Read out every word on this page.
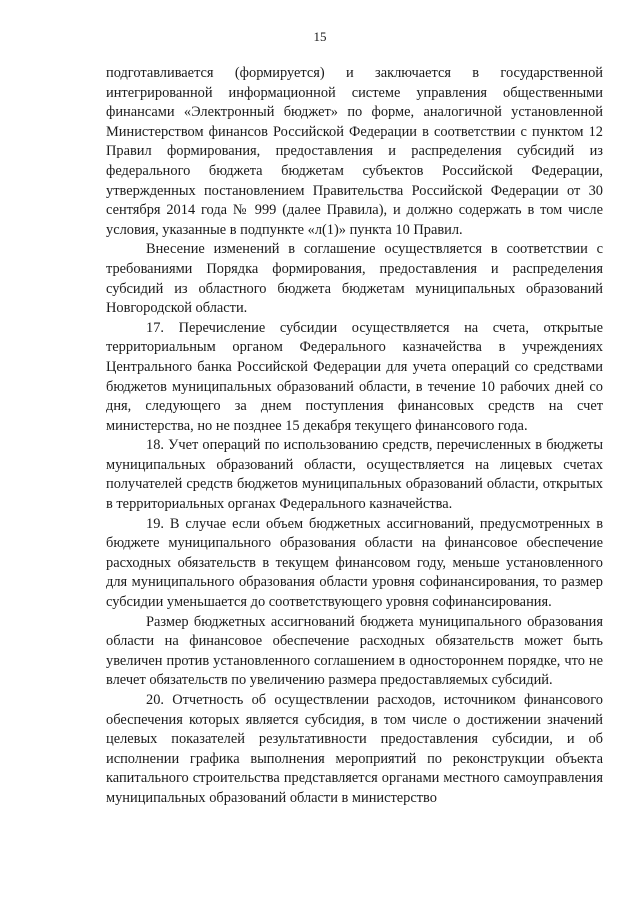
15

подготавливается (формируется) и заключается в государственной интегрированной информационной системе управления общественными финансами «Электронный бюджет» по форме, аналогичной установленной Министерством финансов Российской Федерации в соответствии с пунктом 12 Правил формирования, предоставления и распределения субсидий из федерального бюджета бюджетам субъектов Российской Федерации, утвержденных постановлением Правительства Российской Федерации от 30 сентября 2014 года № 999 (далее Правила), и должно содержать в том числе условия, указанные в подпункте «л(1)» пункта 10 Правил.

Внесение изменений в соглашение осуществляется в соответствии с требованиями Порядка формирования, предоставления и распределения субсидий из областного бюджета бюджетам муниципальных образований Новгородской области.

17. Перечисление субсидии осуществляется на счета, открытые территориальным органом Федерального казначейства в учреждениях Центрального банка Российской Федерации для учета операций со средствами бюджетов муниципальных образований области, в течение 10 рабочих дней со дня, следующего за днем поступления финансовых средств на счет министерства, но не позднее 15 декабря текущего финансового года.

18. Учет операций по использованию средств, перечисленных в бюджеты муниципальных образований области, осуществляется на лицевых счетах получателей средств бюджетов муниципальных образований области, открытых в территориальных органах Федерального казначейства.

19. В случае если объем бюджетных ассигнований, предусмотренных в бюджете муниципального образования области на финансовое обеспечение расходных обязательств в текущем финансовом году, меньше установленного для муниципального образования области уровня софинансирования, то размер субсидии уменьшается до соответствующего уровня софинансирования.

Размер бюджетных ассигнований бюджета муниципального образования области на финансовое обеспечение расходных обязательств может быть увеличен против установленного соглашением в одностороннем порядке, что не влечет обязательств по увеличению размера предоставляемых субсидий.

20. Отчетность об осуществлении расходов, источником финансового обеспечения которых является субсидия, в том числе о достижении значений целевых показателей результативности предоставления субсидии, и об исполнении графика выполнения мероприятий по реконструкции объекта капитального строительства представляется органами местного самоуправления муниципальных образований области в министерство
